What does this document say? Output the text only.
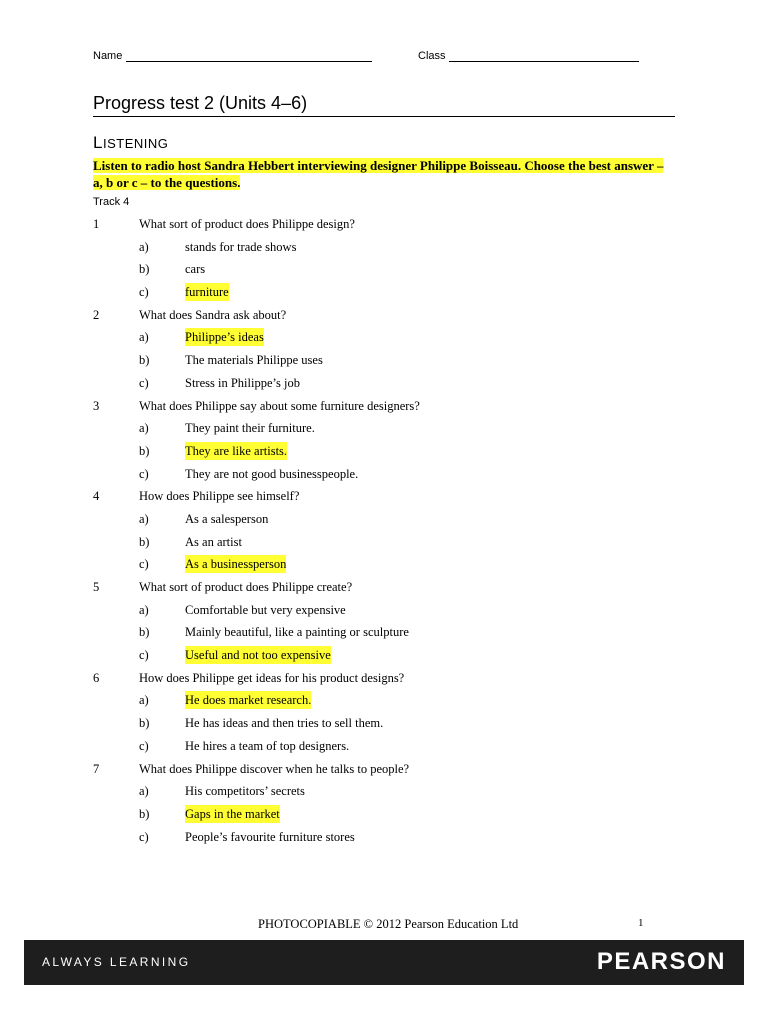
Name	Class
Progress test 2 (Units 4–6)
LISTENING
Listen to radio host Sandra Hebbert interviewing designer Philippe Boisseau. Choose the best answer – a, b or c – to the questions.
Track 4
1	What sort of product does Philippe design?
a)	stands for trade shows
b)	cars
c)	furniture
2	What does Sandra ask about?
a)	Philippe’s ideas
b)	The materials Philippe uses
c)	Stress in Philippe’s job
3	What does Philippe say about some furniture designers?
a)	They paint their furniture.
b)	They are like artists.
c)	They are not good businesspeople.
4	How does Philippe see himself?
a)	As a salesperson
b)	As an artist
c)	As a businessperson
5	What sort of product does Philippe create?
a)	Comfortable but very expensive
b)	Mainly beautiful, like a painting or sculpture
c)	Useful and not too expensive
6	How does Philippe get ideas for his product designs?
a)	He does market research.
b)	He has ideas and then tries to sell them.
c)	He hires a team of top designers.
7	What does Philippe discover when he talks to people?
a)	His competitors’ secrets
b)	Gaps in the market
c)	People’s favourite furniture stores
PHOTOCOPIABLE © 2012 Pearson Education Ltd	1
ALWAYS LEARNING	PEARSON
